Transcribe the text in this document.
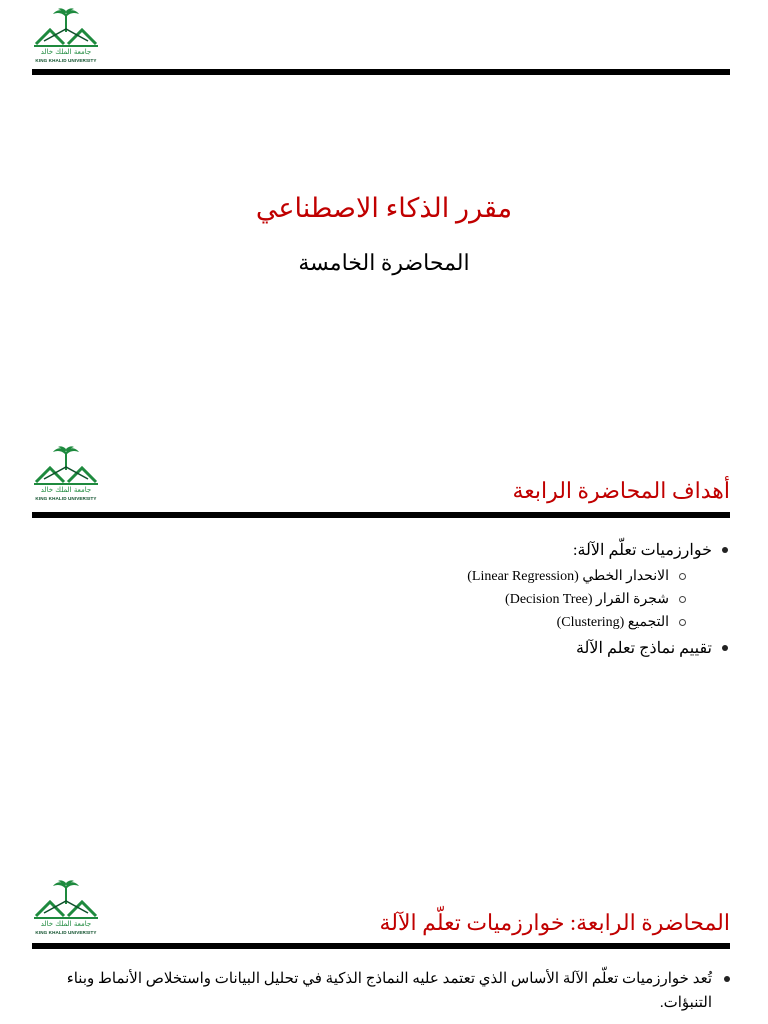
جامعة الملك خالد
KING KHALID UNIVERSITY
مقرر الذكاء الاصطناعي
المحاضرة الخامسة
جامعة الملك خالد
KING KHALID UNIVERSITY	أهداف المحاضرة الرابعة
خوارزميات تعلّم الآلة:
الانحدار الخطي (Linear Regression)
شجرة القرار (Decision Tree)
التجميع (Clustering)
تقييم نماذج تعلم الآلة
جامعة الملك خالد
KING KHALID UNIVERSITY	المحاضرة الرابعة: خوارزميات تعلّم الآلة
تُعد خوارزميات تعلّم الآلة الأساس الذي تعتمد عليه النماذج الذكية في تحليل البيانات واستخلاص الأنماط وبناء التنبؤات.
